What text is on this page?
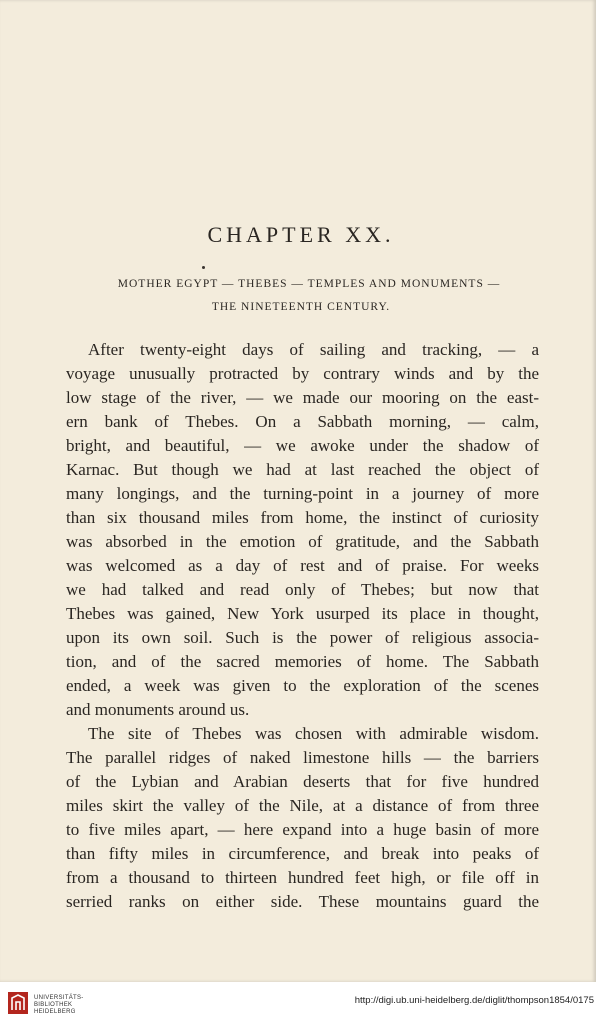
CHAPTER XX.
MOTHER EGYPT — THEBES — TEMPLES AND MONUMENTS —
THE NINETEENTH CENTURY.
After twenty-eight days of sailing and tracking, — a
voyage unusually protracted by contrary winds and by the
low stage of the river, — we made our mooring on the east-
ern bank of Thebes. On a Sabbath morning, — calm,
bright, and beautiful, — we awoke under the shadow of
Karnac. But though we had at last reached the object of
many longings, and the turning-point in a journey of more
than six thousand miles from home, the instinct of curiosity
was absorbed in the emotion of gratitude, and the Sabbath
was welcomed as a day of rest and of praise. For weeks
we had talked and read only of Thebes; but now that
Thebes was gained, New York usurped its place in thought,
upon its own soil. Such is the power of religious associa-
tion, and of the sacred memories of home. The Sabbath
ended, a week was given to the exploration of the scenes
and monuments around us.
The site of Thebes was chosen with admirable wisdom.
The parallel ridges of naked limestone hills — the barriers
of the Lybian and Arabian deserts that for five hundred
miles skirt the valley of the Nile, at a distance of from three
to five miles apart, — here expand into a huge basin of more
than fifty miles in circumference, and break into peaks of
from a thousand to thirteen hundred feet high, or file off in
serried ranks on either side. These mountains guard the
UNIVERSITÄTS-
BIBLIOTHEK
HEIDELBERG
http://digi.ub.uni-heidelberg.de/diglit/thompson1854/0175
